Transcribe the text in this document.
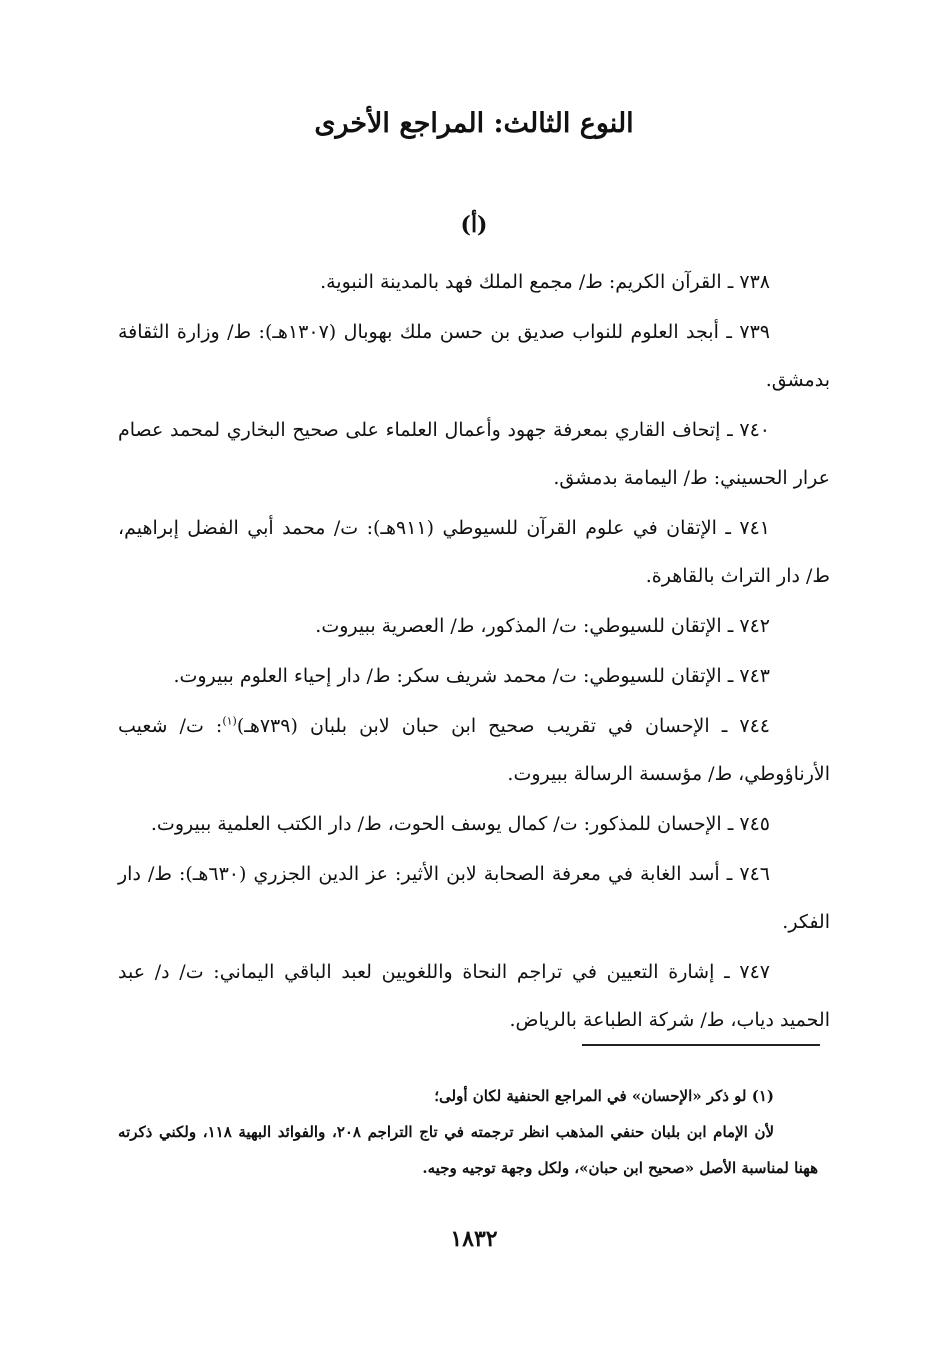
النوع الثالث: المراجع الأخرى
(أ)
٧٣٨ ـ القرآن الكريم: ط/ مجمع الملك فهد بالمدينة النبوية.
٧٣٩ ـ أبجد العلوم للنواب صديق بن حسن ملك بهوبال (١٣٠٧هـ): ط/ وزارة الثقافة بدمشق.
٧٤٠ ـ إتحاف القاري بمعرفة جهود وأعمال العلماء على صحيح البخاري لمحمد عصام عرار الحسيني: ط/ اليمامة بدمشق.
٧٤١ ـ الإتقان في علوم القرآن للسيوطي (٩١١هـ): ت/ محمد أبي الفضل إبراهيم، ط/ دار التراث بالقاهرة.
٧٤٢ ـ الإتقان للسيوطي: ت/ المذكور، ط/ العصرية ببيروت.
٧٤٣ ـ الإتقان للسيوطي: ت/ محمد شريف سكر: ط/ دار إحياء العلوم ببيروت.
٧٤٤ ـ الإحسان في تقريب صحيح ابن حبان لابن بلبان (٧٣٩هـ)$^{(١)}$: ت/ شعيب الأرناؤوطي، ط/ مؤسسة الرسالة ببيروت.
٧٤٥ ـ الإحسان للمذكور: ت/ كمال يوسف الحوت، ط/ دار الكتب العلمية ببيروت.
٧٤٦ ـ أسد الغابة في معرفة الصحابة لابن الأثير: عز الدين الجزري (٦٣٠هـ): ط/ دار الفكر.
٧٤٧ ـ إشارة التعيين في تراجم النحاة واللغويين لعبد الباقي اليماني: ت/ د/ عبد الحميد دياب، ط/ شركة الطباعة بالرياض.

(١) لو ذكر «الإحسان» في المراجع الحنفية لكان أولى؛

لأن الإمام ابن بلبان حنفي المذهب انظر ترجمته في تاج التراجم ٢٠٨، والفوائد البهية ١١٨، ولكني ذكرته ههنا لمناسبة الأصل «صحيح ابن حبان»، ولكل وجهة توجيه وجيه.

١٨٣٢
